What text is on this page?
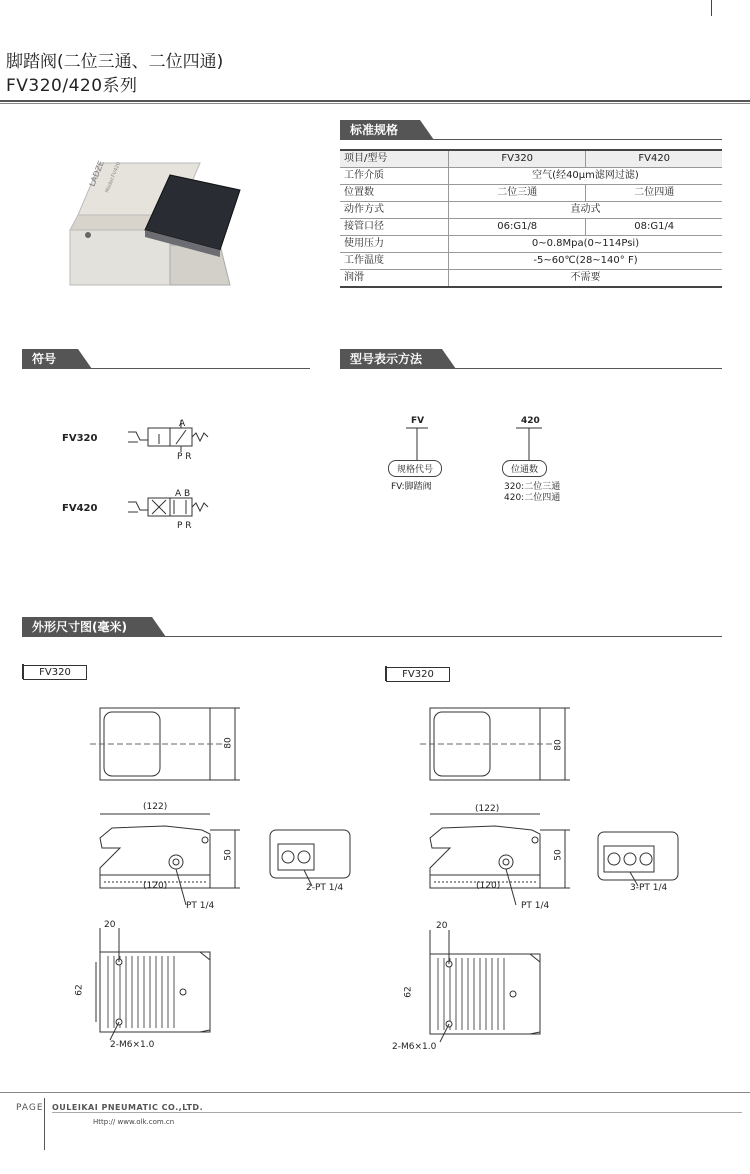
脚踏阀(二位三通、二位四通)
FV320/420系列
LADZE
Model:FV420
标准规格
项目/型号	FV320	FV420
工作介质	空气(经40μm滤网过滤)	
位置数	二位三通	二位四通
动作方式	直动式	
接管口径	06:G1/8	08:G1/4
使用压力	0~0.8Mpa(0~114Psi)	
工作温度	-5~60℃(28~140° F)	
润滑	不需要	
符号
FV320
A
P R
FV420
A B
P R
型号表示方法
FV	420
规格代号	位通数
FV:脚踏阀	320:二位三通
420:二位四通
外形尺寸图(毫米)
FV320	FV320
80
(122)
50
(120)
PT 1/4
2-PT 1/4
20
62
2-M6×1.0
80
(122)
50
(120)
PT 1/4
3-PT 1/4
20
62
2-M6×1.0
PAGE OULEIKAI PNEUMATIC CO.,LTD.
Http:// www.olk.com.cn
